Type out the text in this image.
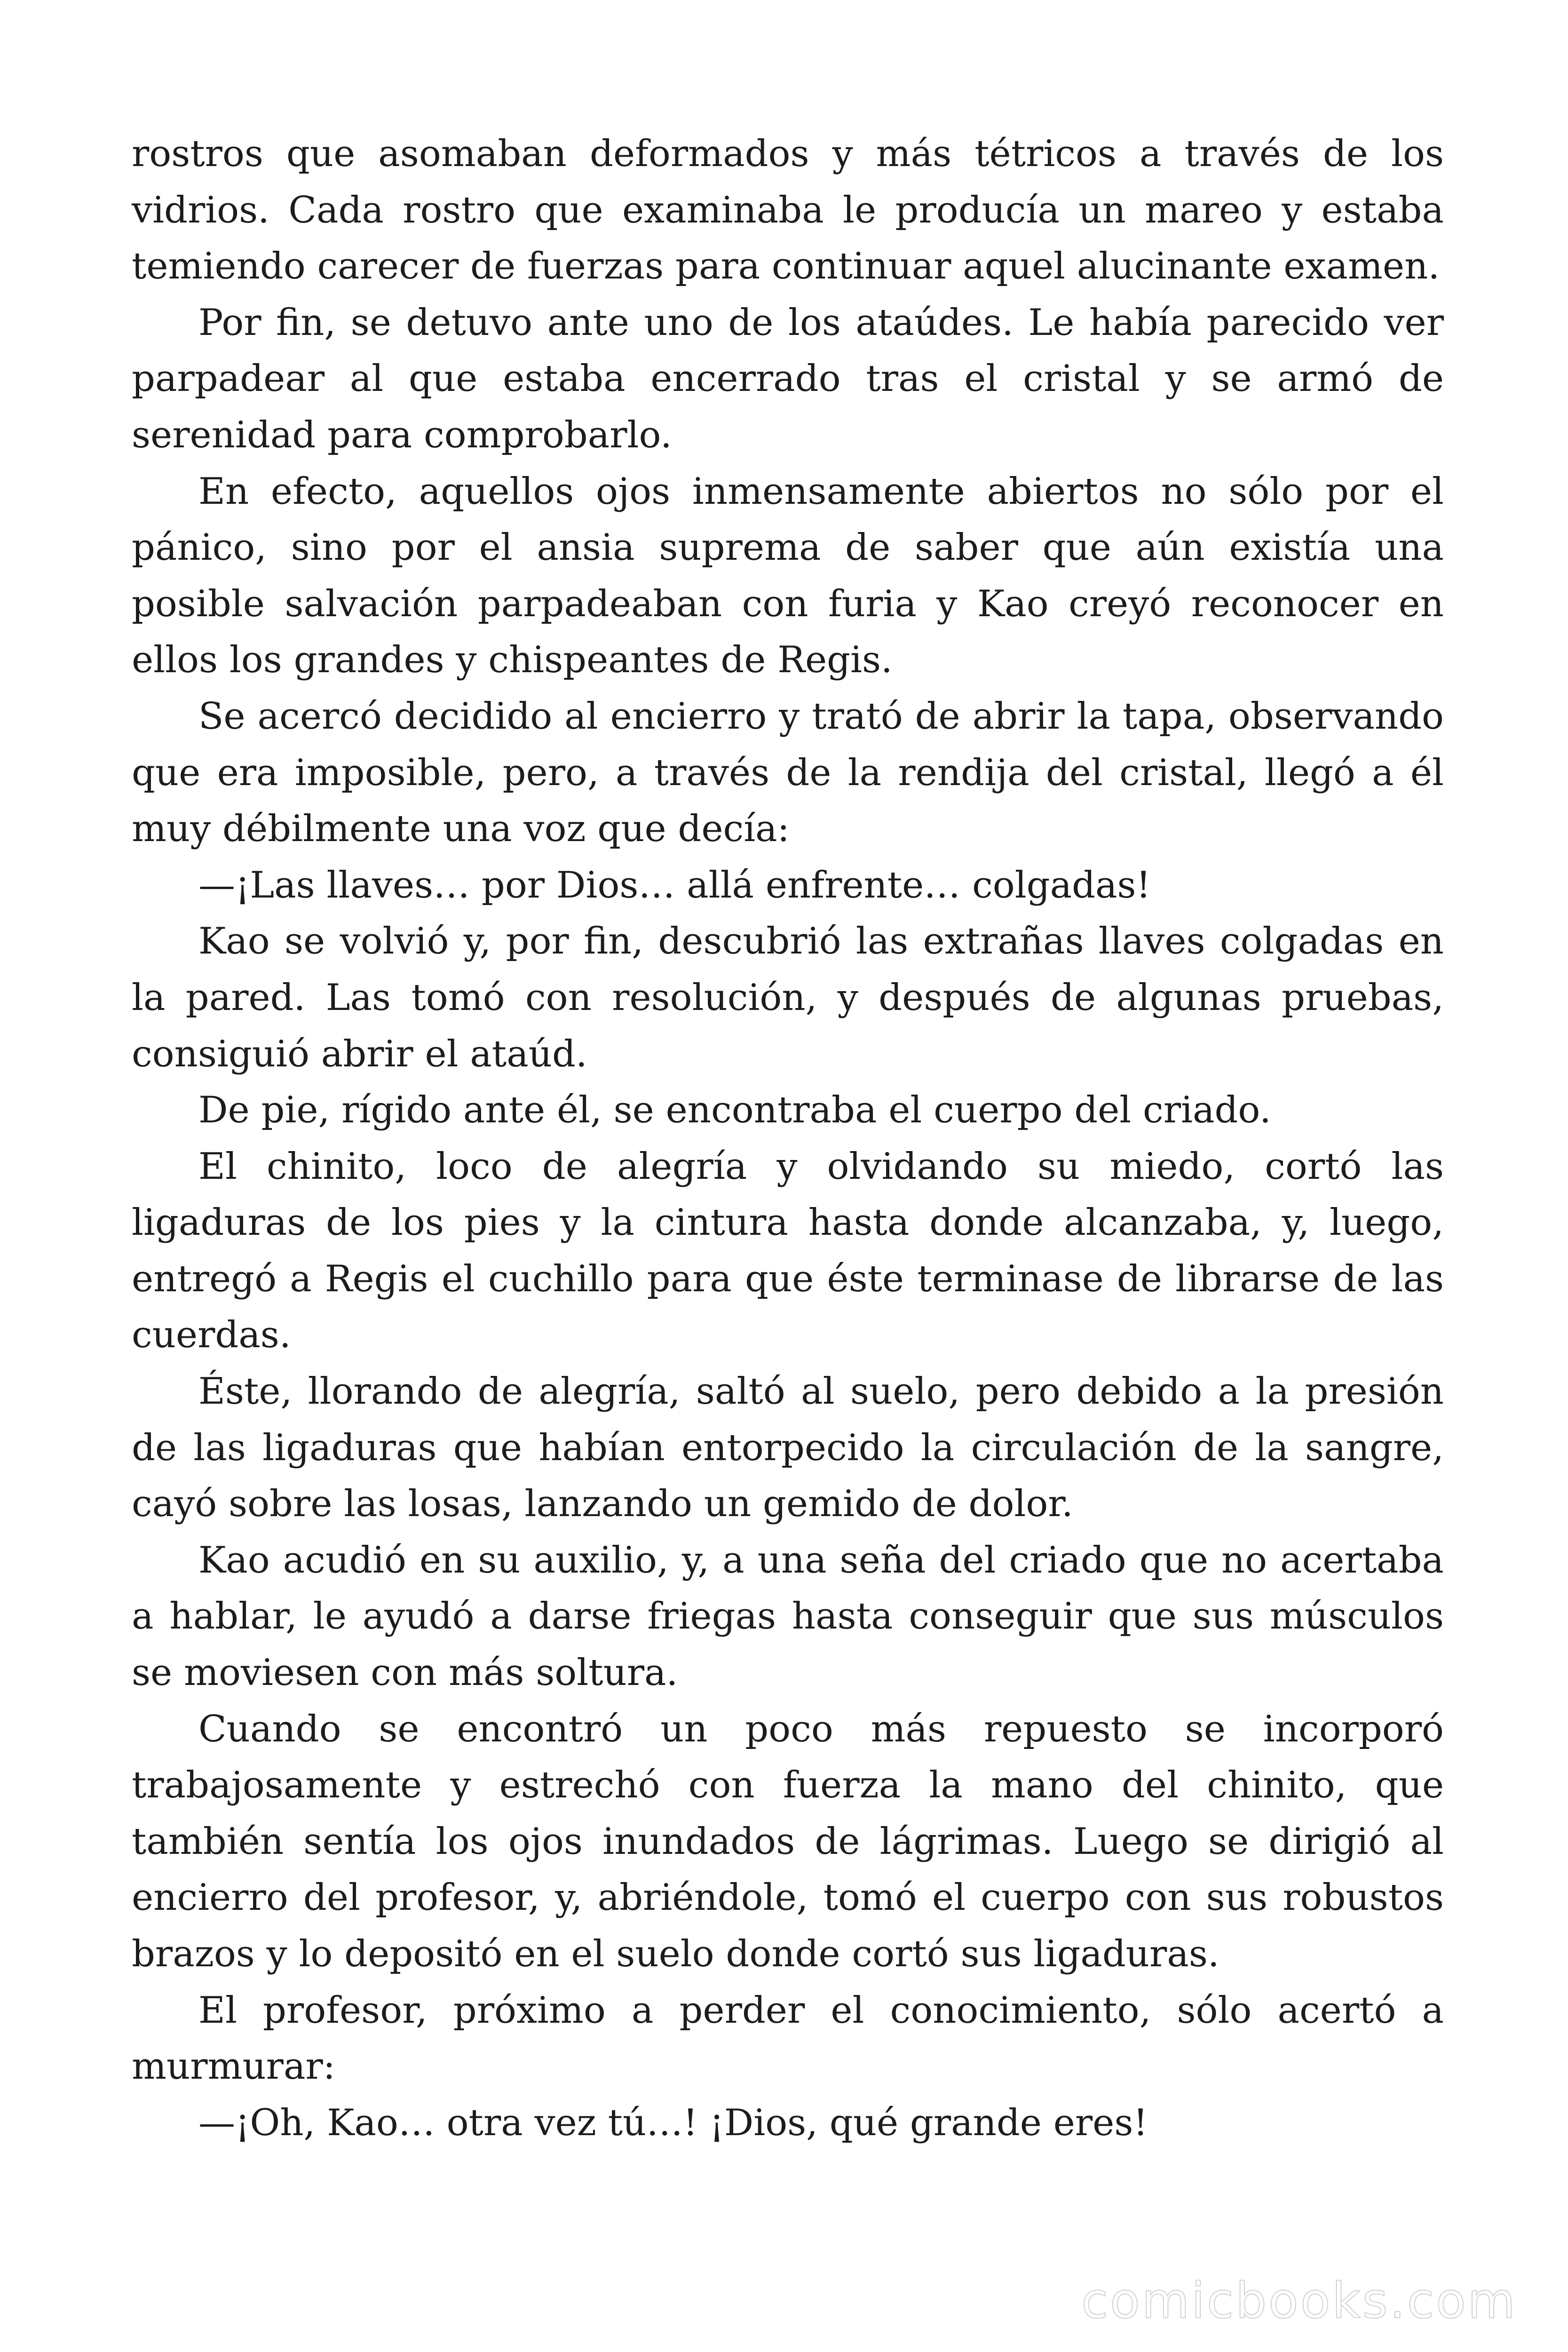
rostros que asomaban deformados y más tétricos a través de los vidrios. Cada rostro que examinaba le producía un mareo y estaba temiendo carecer de fuerzas para continuar aquel alucinante examen.

Por fin, se detuvo ante uno de los ataúdes. Le había parecido ver parpadear al que estaba encerrado tras el cristal y se armó de serenidad para comprobarlo.

En efecto, aquellos ojos inmensamente abiertos no sólo por el pánico, sino por el ansia suprema de saber que aún existía una posible salvación parpadeaban con furia y Kao creyó reconocer en ellos los grandes y chispeantes de Regis.

Se acercó decidido al encierro y trató de abrir la tapa, observando que era imposible, pero, a través de la rendija del cristal, llegó a él muy débilmente una voz que decía:

—¡Las llaves… por Dios… allá enfrente… colgadas!

Kao se volvió y, por fin, descubrió las extrañas llaves colgadas en la pared. Las tomó con resolución, y después de algunas pruebas, consiguió abrir el ataúd.

De pie, rígido ante él, se encontraba el cuerpo del criado.

El chinito, loco de alegría y olvidando su miedo, cortó las ligaduras de los pies y la cintura hasta donde alcanzaba, y, luego, entregó a Regis el cuchillo para que éste terminase de librarse de las cuerdas.

Éste, llorando de alegría, saltó al suelo, pero debido a la presión de las ligaduras que habían entorpecido la circulación de la sangre, cayó sobre las losas, lanzando un gemido de dolor.

Kao acudió en su auxilio, y, a una seña del criado que no acertaba a hablar, le ayudó a darse friegas hasta conseguir que sus músculos se moviesen con más soltura.

Cuando se encontró un poco más repuesto se incorporó trabajosamente y estrechó con fuerza la mano del chinito, que también sentía los ojos inundados de lágrimas. Luego se dirigió al encierro del profesor, y, abriéndole, tomó el cuerpo con sus robustos brazos y lo depositó en el suelo donde cortó sus ligaduras.

El profesor, próximo a perder el conocimiento, sólo acertó a murmurar:

—¡Oh, Kao… otra vez tú…! ¡Dios, qué grande eres!

comicbooks.com
